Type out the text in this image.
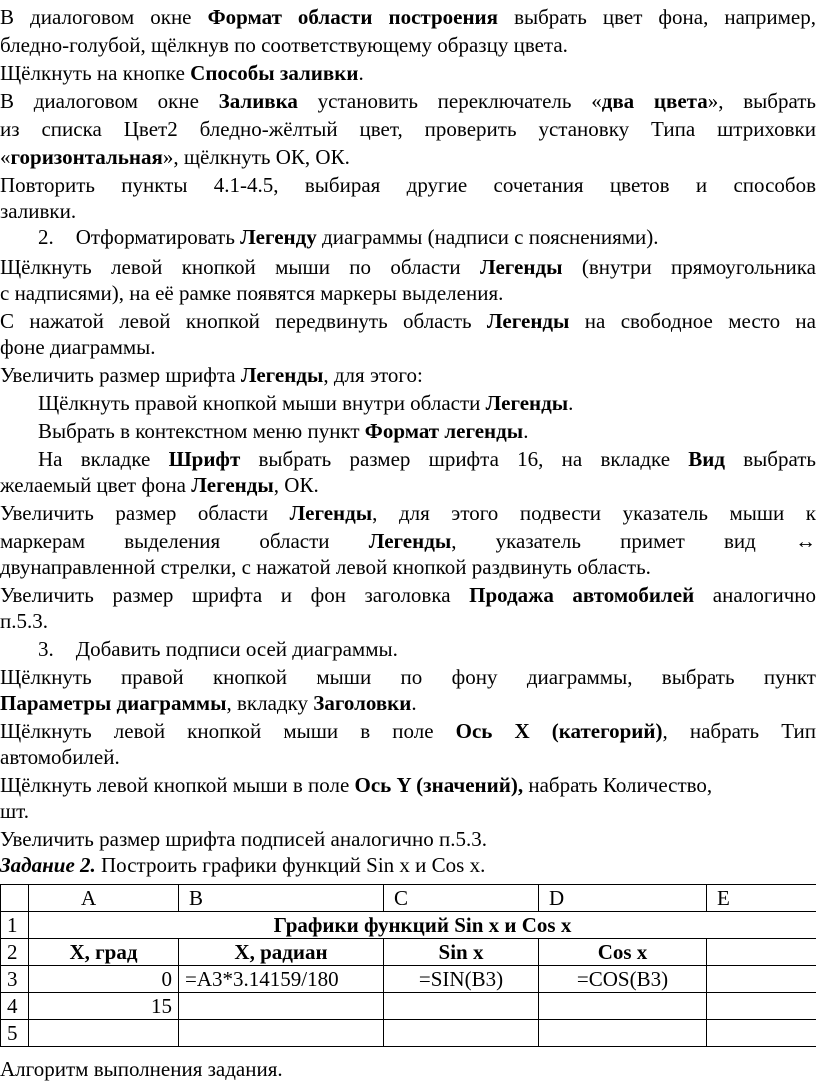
В диалоговом окне Формат области построения выбрать цвет фона, например,
бледно-голубой, щёлкнув по соответствующему образцу цвета.
Щёлкнуть на кнопке Способы заливки.
В диалоговом окне Заливка установить переключатель «два цвета», выбрать
из списка Цвет2 бледно-жёлтый цвет, проверить установку Типа штриховки
«горизонтальная», щёлкнуть ОК, ОК.
Повторить пункты 4.1-4.5, выбирая другие сочетания цветов и способов
заливки.
2. Отформатировать Легенду диаграммы (надписи с пояснениями).
Щёлкнуть левой кнопкой мыши по области Легенды (внутри прямоугольника
с надписями), на её рамке появятся маркеры выделения.
С нажатой левой кнопкой передвинуть область Легенды на свободное место на
фоне диаграммы.
Увеличить размер шрифта Легенды, для этого:
Щёлкнуть правой кнопкой мыши внутри области Легенды.
Выбрать в контекстном меню пункт Формат легенды.
На вкладке Шрифт выбрать размер шрифта 16, на вкладке Вид выбрать
желаемый цвет фона Легенды, ОК.
Увеличить размер области Легенды, для этого подвести указатель мыши к
маркерам выделения области Легенды, указатель примет вид ↔
двунаправленной стрелки, с нажатой левой кнопкой раздвинуть область.
Увеличить размер шрифта и фон заголовка Продажа автомобилей аналогично
п.5.3.
3. Добавить подписи осей диаграммы.
Щёлкнуть правой кнопкой мыши по фону диаграммы, выбрать пункт
Параметры диаграммы, вкладку Заголовки.
Щёлкнуть левой кнопкой мыши в поле Ось Х (категорий), набрать Тип
автомобилей.
Щёлкнуть левой кнопкой мыши в поле Ось Y (значений), набрать Количество,
шт.
Увеличить размер шрифта подписей аналогично п.5.3.
Задание 2. Построить графики функций Sin x и Cos x.
	A	B	C	D	E
1	Графики функций Sin x и Cos x				
2	Х, град	Х, радиан	Sin x	Cos x	
3	0	=A3*3.14159/180	=SIN(B3)	=COS(B3)	
4	15				
5					
Алгоритм выполнения задания.
